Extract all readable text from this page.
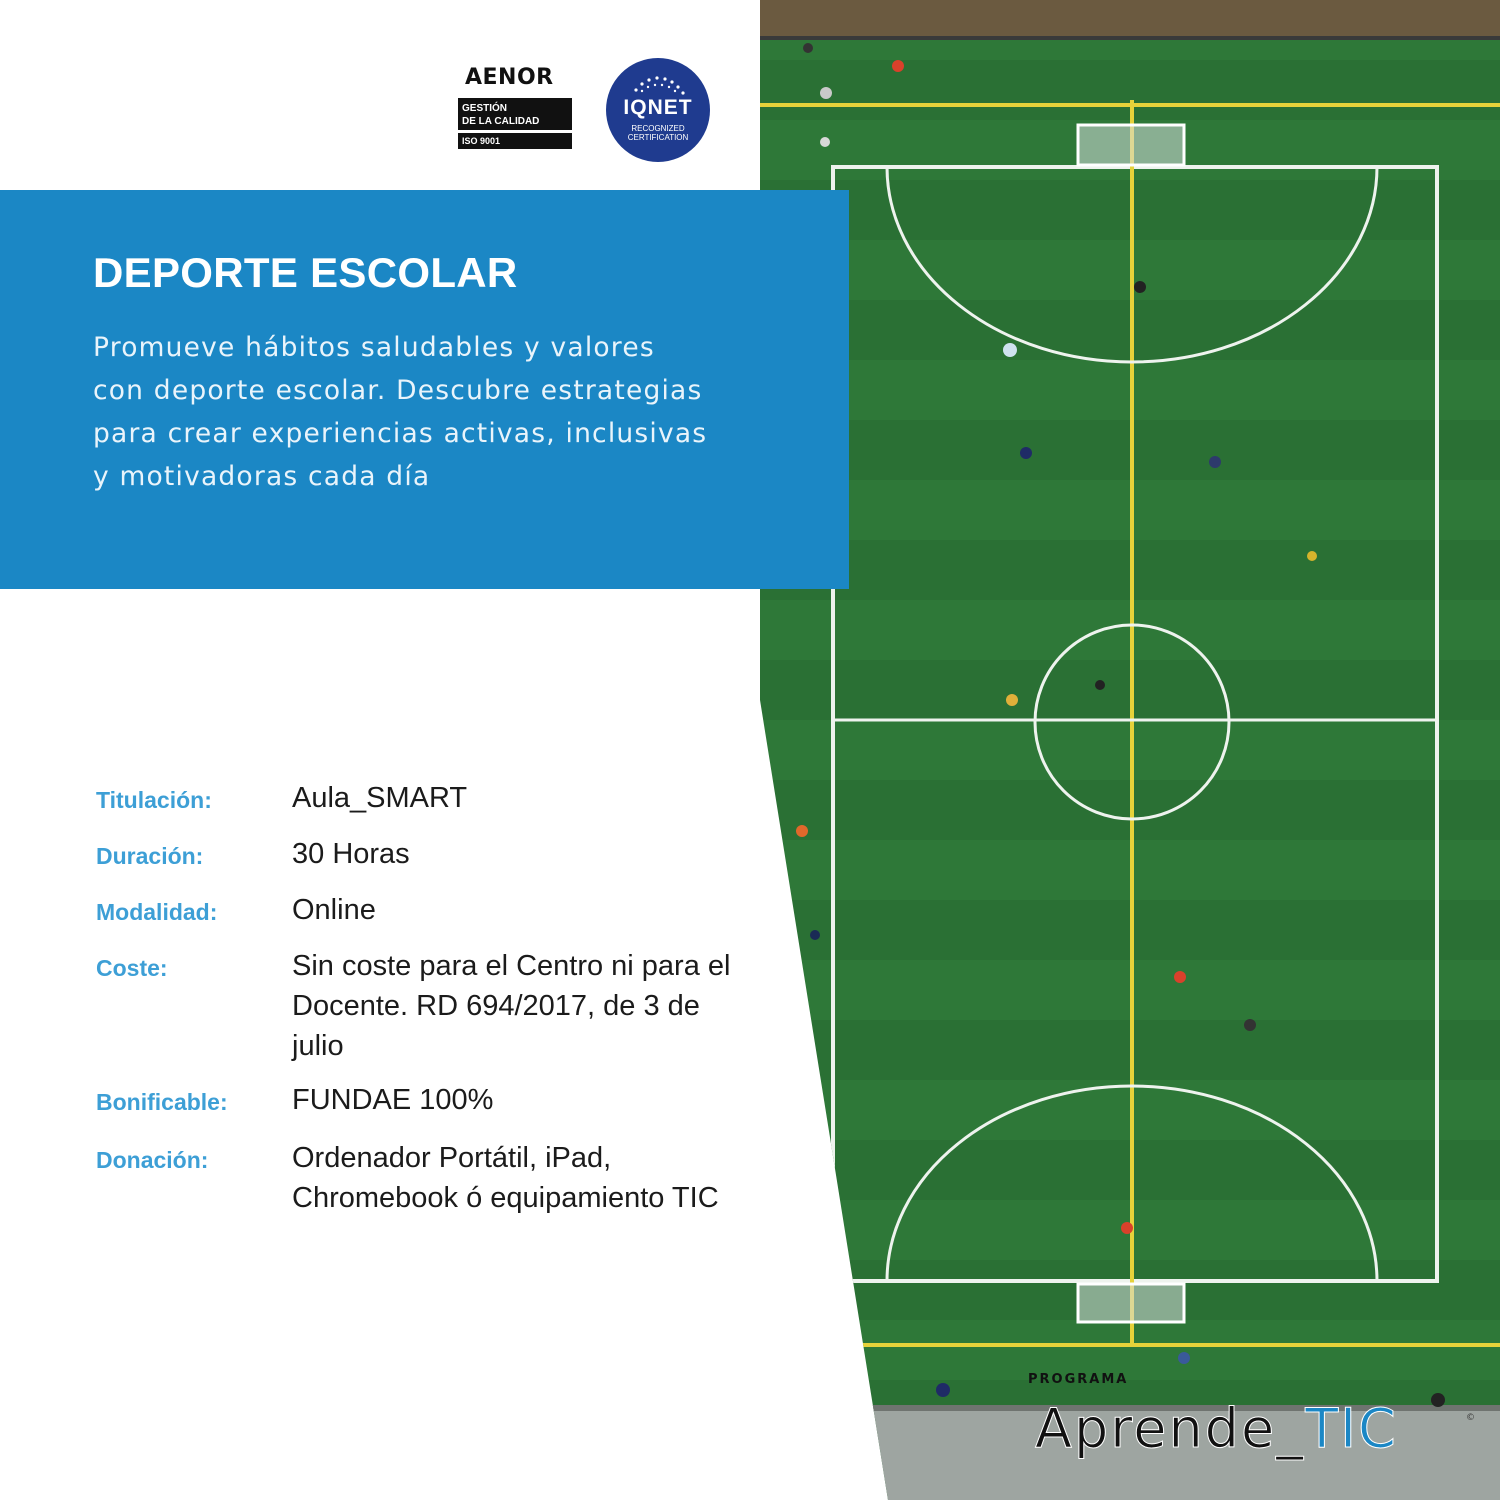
AENOR
GESTIÓN
DE LA CALIDAD
ISO 9001
IQNET
RECOGNIZED
CERTIFICATION
DEPORTE ESCOLAR

Promueve hábitos saludables y valores con deporte escolar. Descubre estrategias para crear experiencias activas, inclusivas y motivadoras cada día

Titulación:	Aula_SMART
Duración:	30 Horas
Modalidad:	Online
Coste:	Sin coste para el Centro ni para el Docente. RD 694/2017, de 3 de julio
Bonificable:	FUNDAE 100%
Donación:	Ordenador Portátil, iPad, Chromebook ó equipamiento TIC
PROGRAMA
Aprende_TIC	©
